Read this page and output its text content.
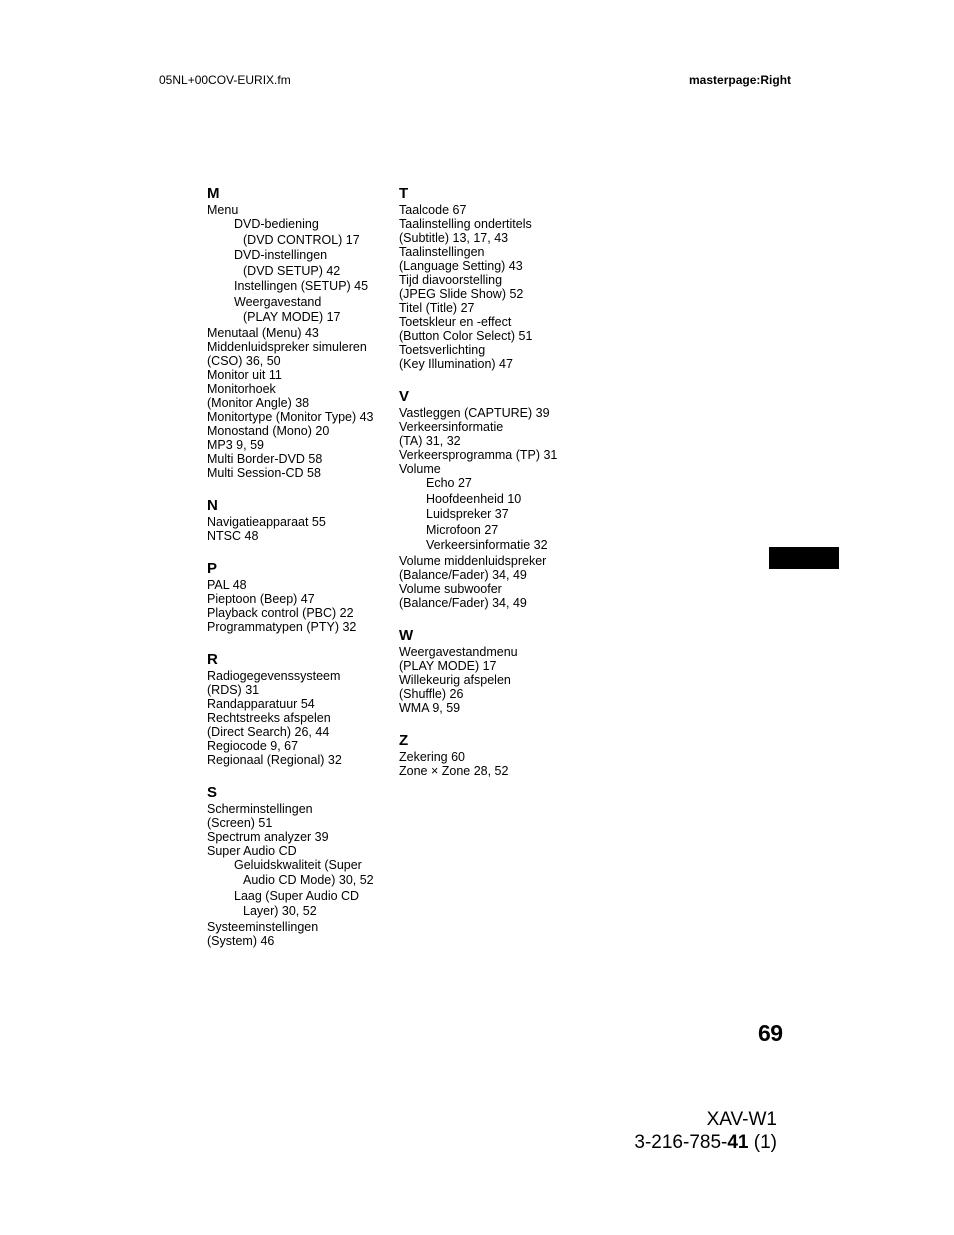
05NL+00COV-EURIX.fm	masterpage:Right
M
Menu
DVD-bediening
(DVD CONTROL) 17
DVD-instellingen
(DVD SETUP) 42
Instellingen (SETUP) 45
Weergavestand
(PLAY MODE) 17
Menutaal (Menu) 43
Middenluidspreker simuleren
(CSO) 36, 50
Monitor uit 11
Monitorhoek
(Monitor Angle) 38
Monitortype (Monitor Type) 43
Monostand (Mono) 20
MP3 9, 59
Multi Border-DVD 58
Multi Session-CD 58
N
Navigatieapparaat 55
NTSC 48
P
PAL 48
Pieptoon (Beep) 47
Playback control (PBC) 22
Programmatypen (PTY) 32
R
Radiogegevenssysteem
(RDS) 31
Randapparatuur 54
Rechtstreeks afspelen
(Direct Search) 26, 44
Regiocode 9, 67
Regionaal (Regional) 32
S
Scherminstellingen
(Screen) 51
Spectrum analyzer 39
Super Audio CD
Geluidskwaliteit (Super
Audio CD Mode) 30, 52
Laag (Super Audio CD
Layer) 30, 52
Systeeminstellingen
(System) 46
T
Taalcode 67
Taalinstelling ondertitels
(Subtitle) 13, 17, 43
Taalinstellingen
(Language Setting) 43
Tijd diavoorstelling
(JPEG Slide Show) 52
Titel (Title) 27
Toetskleur en -effect
(Button Color Select) 51
Toetsverlichting
(Key Illumination) 47
V
Vastleggen (CAPTURE) 39
Verkeersinformatie
(TA) 31, 32
Verkeersprogramma (TP) 31
Volume
Echo 27
Hoofdeenheid 10
Luidspreker 37
Microfoon 27
Verkeersinformatie 32
Volume middenluidspreker
(Balance/Fader) 34, 49
Volume subwoofer
(Balance/Fader) 34, 49
W
Weergavestandmenu
(PLAY MODE) 17
Willekeurig afspelen
(Shuffle) 26
WMA 9, 59
Z
Zekering 60
Zone × Zone 28, 52
69
XAV-W1
3-216-785-41 (1)
